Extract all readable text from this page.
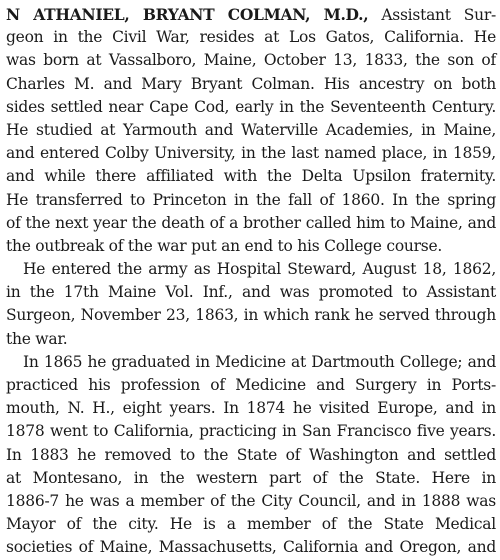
N ATHANIEL, BRYANT COLMAN, M.D., Assistant Sur-
geon in the Civil War, resides at Los Gatos, California. He
was born at Vassalboro, Maine, October 13, 1833, the son of
Charles M. and Mary Bryant Colman. His ancestry on both
sides settled near Cape Cod, early in the Seventeenth Century.
He studied at Yarmouth and Waterville Academies, in Maine,
and entered Colby University, in the last named place, in 1859,
and while there affiliated with the Delta Upsilon fraternity.
He transferred to Princeton in the fall of 1860. In the spring
of the next year the death of a brother called him to Maine, and
the outbreak of the war put an end to his College course.
He entered the army as Hospital Steward, August 18, 1862,
in the 17th Maine Vol. Inf., and was promoted to Assistant
Surgeon, November 23, 1863, in which rank he served through
the war.
In 1865 he graduated in Medicine at Dartmouth College; and
practiced his profession of Medicine and Surgery in Ports-
mouth, N. H., eight years. In 1874 he visited Europe, and in
1878 went to California, practicing in San Francisco five years.
In 1883 he removed to the State of Washington and settled
at Montesano, in the western part of the State. Here in
1886-7 he was a member of the City Council, and in 1888 was
Mayor of the city. He is a member of the State Medical
societies of Maine, Massachusetts, California and Oregon, and
